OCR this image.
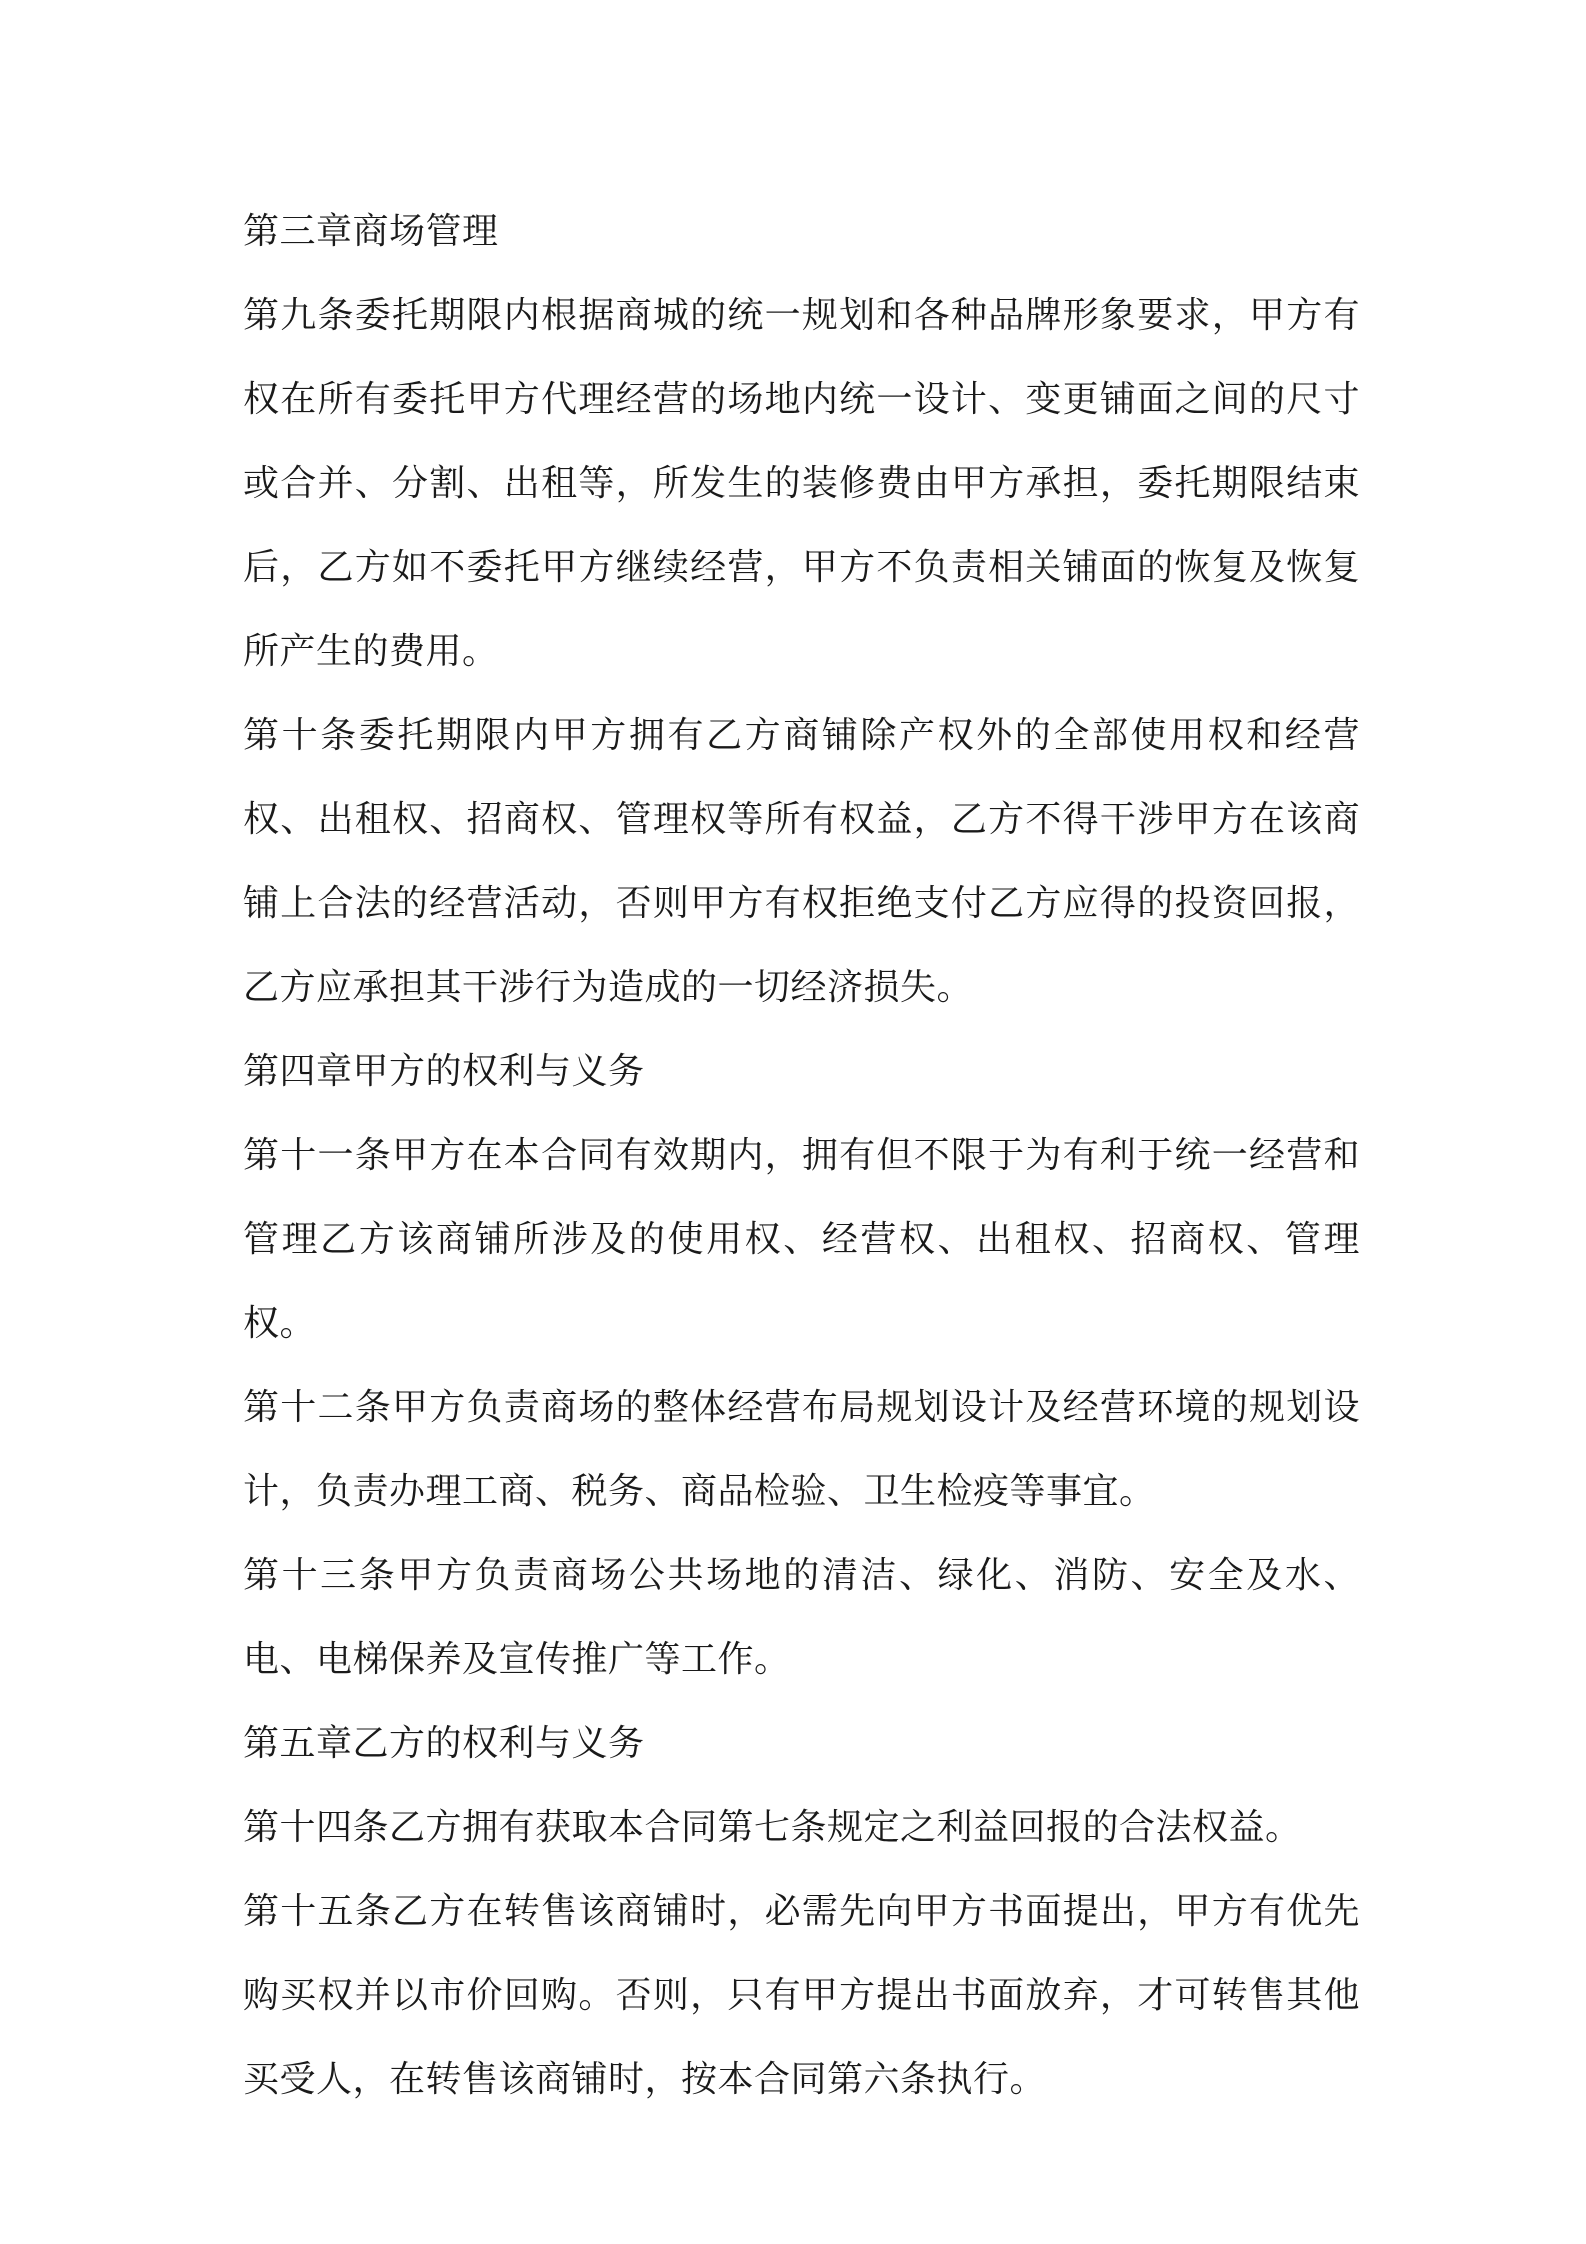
第三章商场管理

第九条委托期限内根据商城的统一规划和各种品牌形象要求，甲方有权在所有委托甲方代理经营的场地内统一设计、变更铺面之间的尺寸或合并、分割、出租等，所发生的装修费由甲方承担，委托期限结束后，乙方如不委托甲方继续经营，甲方不负责相关铺面的恢复及恢复所产生的费用。

第十条委托期限内甲方拥有乙方商铺除产权外的全部使用权和经营权、出租权、招商权、管理权等所有权益，乙方不得干涉甲方在该商铺上合法的经营活动，否则甲方有权拒绝支付乙方应得的投资回报，乙方应承担其干涉行为造成的一切经济损失。

第四章甲方的权利与义务

第十一条甲方在本合同有效期内，拥有但不限于为有利于统一经营和管理乙方该商铺所涉及的使用权、经营权、出租权、招商权、管理权。

第十二条甲方负责商场的整体经营布局规划设计及经营环境的规划设计，负责办理工商、税务、商品检验、卫生检疫等事宜。

第十三条甲方负责商场公共场地的清洁、绿化、消防、安全及水、电、电梯保养及宣传推广等工作。

第五章乙方的权利与义务

第十四条乙方拥有获取本合同第七条规定之利益回报的合法权益。

第十五条乙方在转售该商铺时，必需先向甲方书面提出，甲方有优先购买权并以市价回购。否则，只有甲方提出书面放弃，才可转售其他买受人，在转售该商铺时，按本合同第六条执行。
